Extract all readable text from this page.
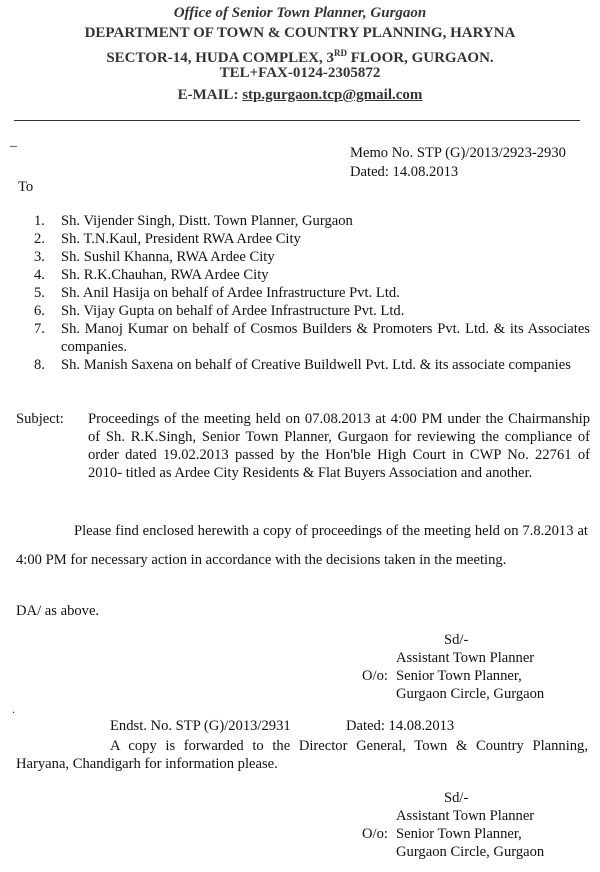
Office of Senior Town Planner, Gurgaon
DEPARTMENT OF TOWN & COUNTRY PLANNING, HARYNA
SECTOR-14, HUDA COMPLEX, 3RD FLOOR, GURGAON.
TEL+FAX-0124-2305872
E-MAIL: stp.gurgaon.tcp@gmail.com
_
Memo No. STP (G)/2013/2923-2930
Dated: 14.08.2013
To
1. Sh. Vijender Singh, Distt. Town Planner, Gurgaon
2. Sh. T.N.Kaul, President RWA Ardee City
3. Sh. Sushil Khanna, RWA Ardee City
4. Sh. R.K.Chauhan, RWA Ardee City
5. Sh. Anil Hasija on behalf of Ardee Infrastructure Pvt. Ltd.
6. Sh. Vijay Gupta on behalf of Ardee Infrastructure Pvt. Ltd.
7. Sh. Manoj Kumar on behalf of Cosmos Builders & Promoters Pvt. Ltd. & its Associates companies.
8. Sh. Manish Saxena on behalf of Creative Buildwell Pvt. Ltd. & its associate companies
Subject: Proceedings of the meeting held on 07.08.2013 at 4:00 PM under the Chairmanship of Sh. R.K.Singh, Senior Town Planner, Gurgaon for reviewing the compliance of order dated 19.02.2013 passed by the Hon'ble High Court in CWP No. 22761 of 2010- titled as Ardee City Residents & Flat Buyers Association and another.
Please find enclosed herewith a copy of proceedings of the meeting held on 7.8.2013 at 4:00 PM for necessary action in accordance with the decisions taken in the meeting.
DA/ as above.
Sd/-
Assistant Town Planner
O/o: Senior Town Planner,
Gurgaon Circle, Gurgaon
.
Endst. No. STP (G)/2013/2931	Dated: 14.08.2013
A copy is forwarded to the Director General, Town & Country Planning, Haryana, Chandigarh for information please.
Sd/-
Assistant Town Planner
O/o: Senior Town Planner,
Gurgaon Circle, Gurgaon
